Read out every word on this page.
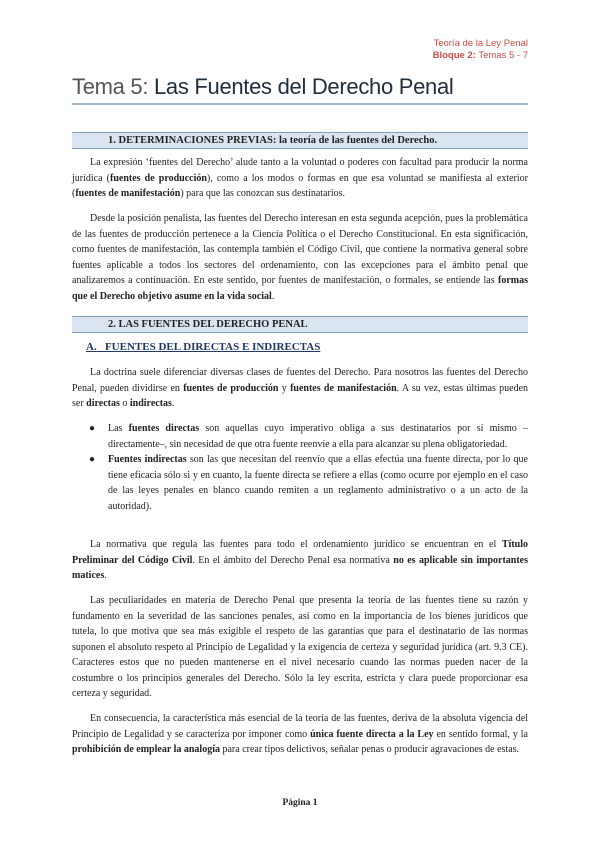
Teoría de la Ley Penal
Bloque 2: Temas 5 - 7
Tema 5: Las Fuentes del Derecho Penal
1. DETERMINACIONES PREVIAS: la teoría de las fuentes del Derecho.
La expresión ‘fuentes del Derecho’ alude tanto a la voluntad o poderes con facultad para producir la norma jurídica (fuentes de producción), como a los modos o formas en que esa voluntad se manifiesta al exterior (fuentes de manifestación) para que las conozcan sus destinatarios.
Desde la posición penalista, las fuentes del Derecho interesan en esta segunda acepción, pues la problemática de las fuentes de producción pertenece a la Ciencia Política o el Derecho Constitucional. En esta significación, como fuentes de manifestación, las contempla también el Código Civil, que contiene la normativa general sobre fuentes aplicable a todos los sectores del ordenamiento, con las excepciones para el ámbito penal que analizaremos a continuación. En este sentido, por fuentes de manifestación, o formales, se entiende las formas que el Derecho objetivo asume en la vida social.
2. LAS FUENTES DEL DERECHO PENAL
A. FUENTES DEL DIRECTAS E INDIRECTAS
La doctrina suele diferenciar diversas clases de fuentes del Derecho. Para nosotros las fuentes del Derecho Penal, pueden dividirse en fuentes de producción y fuentes de manifestación. A su vez, estas últimas pueden ser directas o indirectas.
● Las fuentes directas son aquellas cuyo imperativo obliga a sus destinatarios por sí mismo –directamente–, sin necesidad de que otra fuente reenvíe a ella para alcanzar su plena obligatoriedad.
● Fuentes indirectas son las que necesitan del reenvío que a ellas efectúa una fuente directa, por lo que tiene eficacia sólo si y en cuanto, la fuente directa se refiere a ellas (como ocurre por ejemplo en el caso de las leyes penales en blanco cuando remiten a un reglamento administrativo o a un acto de la autoridad).
La normativa que regula las fuentes para todo el ordenamiento jurídico se encuentran en el Título Preliminar del Código Civil. En el ámbito del Derecho Penal esa normativa no es aplicable sin importantes matices.
Las peculiaridades en materia de Derecho Penal que presenta la teoría de las fuentes tiene su razón y fundamento en la severidad de las sanciones penales, así como en la importancia de los bienes jurídicos que tutela, lo que motiva que sea más exigible el respeto de las garantías que para el destinatario de las normas suponen el absoluto respeto al Principio de Legalidad y la exigencia de certeza y seguridad jurídica (art. 9.3 CE). Caracteres estos que no pueden mantenerse en el nivel necesario cuando las normas pueden nacer de la costumbre o los principios generales del Derecho. Sólo la ley escrita, estricta y clara puede proporcionar esa certeza y seguridad.
En consecuencia, la característica más esencial de la teoría de las fuentes, deriva de la absoluta vigencia del Principio de Legalidad y se caracteriza por imponer como única fuente directa a la Ley en sentido formal, y la prohibición de emplear la analogía para crear tipos delictivos, señalar penas o producir agravaciones de estas.
Página 1
